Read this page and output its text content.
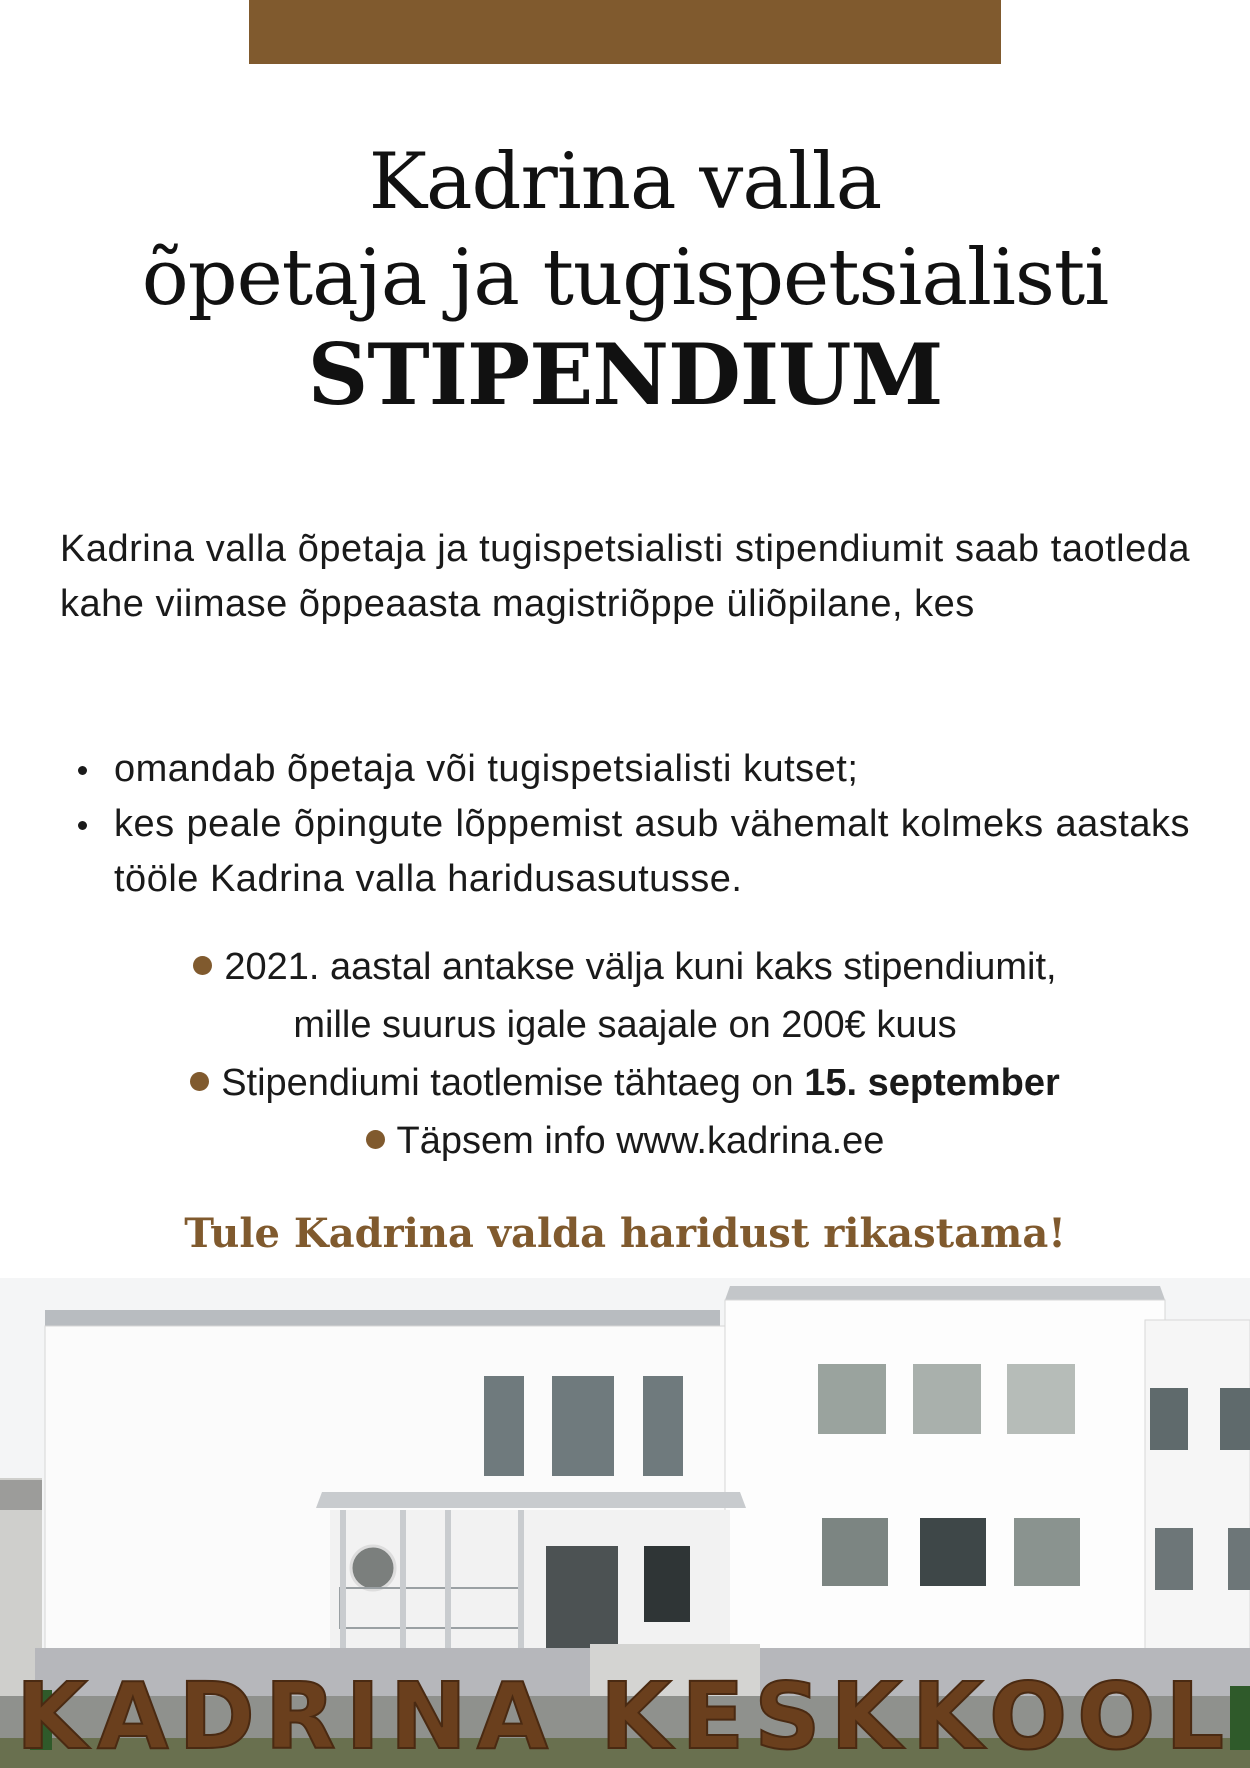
Kadrina valla
õpetaja ja tugispetsialisti
STIPENDIUM
Kadrina valla õpetaja ja tugispetsialisti stipendiumit saab taotleda kahe viimase õppeaasta magistriõppe üliõpilane, kes
omandab õpetaja või tugispetsialisti kutset;
kes peale õpingute lõppemist asub vähemalt kolmeks aastaks tööle Kadrina valla haridusasutusse.
2021. aastal antakse välja kuni kaks stipendiumit,
mille suurus igale saajale on 200€ kuus
Stipendiumi taotlemise tähtaeg on 15. september
Täpsem info www.kadrina.ee
Tule Kadrina valda haridust rikastama!
KADRINA KESKKOOL
